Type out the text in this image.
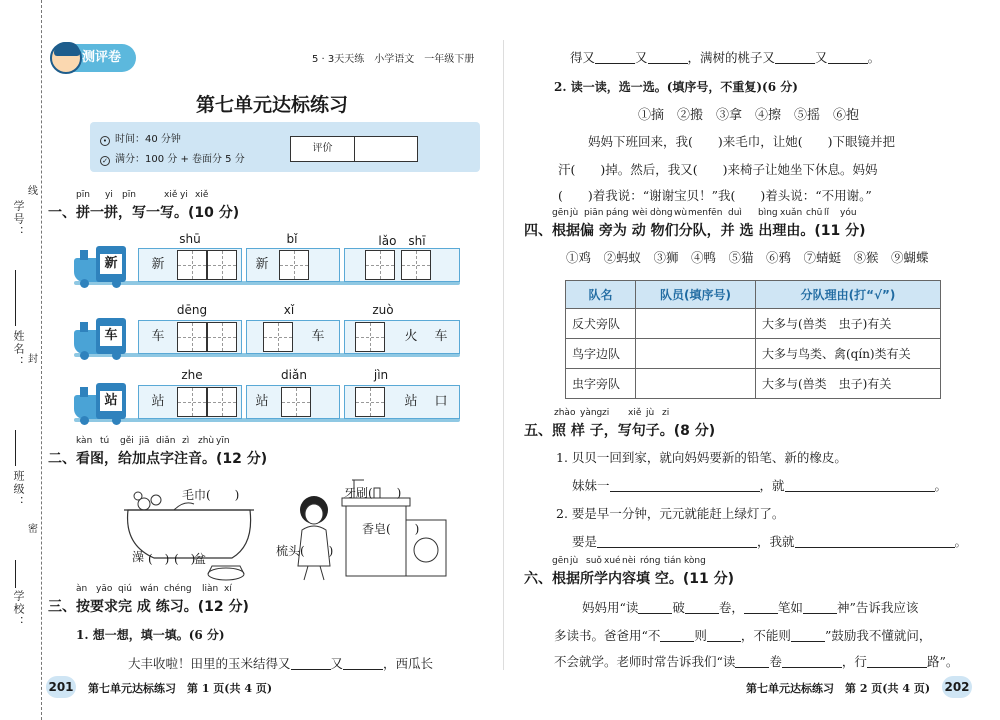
学校：
班级：
姓名：
学号：
线
封
密
测评卷	5 · 3天天练　小学语文　一年级下册
第七单元达标练习
• 时间：40 分钟
✓ 满分：100 分 + 卷面分 5 分
评价
pīn yi pīn	xiě yi xiě
一、拼一拼，写一写。(10 分)
新
shū
新
bǐ
新
lǎo　shī
车
dēng
车
xǐ
车
zuò
火	车
站
zhe
站
diǎn
站
jìn
站	口
kàn tú gěi jiā diǎn zì zhù yīn
二、看图，给加点字注音。(12 分)
毛巾(　　)	牙刷(　　)
香皂(　　)
澡 (　) 盆
(　)
梳头(　　)
àn yāo qiú wán chéng liàn xí
三、按要求完 成 练习。(12 分)
1. 想一想，填一填。(6 分)
大丰收啦！田里的玉米结得又	又	，西瓜长
201 第七单元达标练习　第 1 页(共 4 页)
得又	又	，满树的桃子又	又	。
2. 读一读，选一选。(填序号，不重复)(6 分)
①摘　②搬　③拿　④擦　⑤摇　⑥抱
妈妈下班回来，我(　　)来毛巾，让她(　　)下眼镜并把
汗(　　)掉。然后，我又(　　)来椅子让她坐下休息。妈妈
(　　)着我说：“谢谢宝贝！”我(　　)着头说：“不用谢。”
gēn jù piān páng wèi dòng wù men fēn duì bìng xuǎn chū lǐ yóu
四、根据偏 旁为 动 物们分队，并 选 出理由。(11 分)
①鸡　②蚂蚁　③狮　④鸭　⑤猫　⑥鸦　⑦蜻蜓　⑧猴　⑨蝴蝶
队名	队员(填序号)	分队理由(打“√”)
反犬旁队		大多与(兽类　虫子)有关
鸟字边队		大多与鸟类、禽(qín)类有关
虫字旁队		大多与(兽类　虫子)有关
zhào yàng zi xiě jù zi
五、照 样 子，写句子。(8 分)
1. 贝贝一回到家，就向妈妈要新的铅笔、新的橡皮。
妹妹一	，就	。
2. 要是早一分钟，元元就能赶上绿灯了。
要是	，我就	。
gēn jù suǒ xué nèi róng tián kòng
六、根据所学内容填 空。(11 分)
妈妈用“读	破	卷，	笔如	神”告诉我应该
多读书。爸爸用“不	则	，不能则	”鼓励我不懂就问，
不会就学。老师时常告诉我们“读	卷	，行	路”。
第七单元达标练习　第 2 页(共 4 页) 202
